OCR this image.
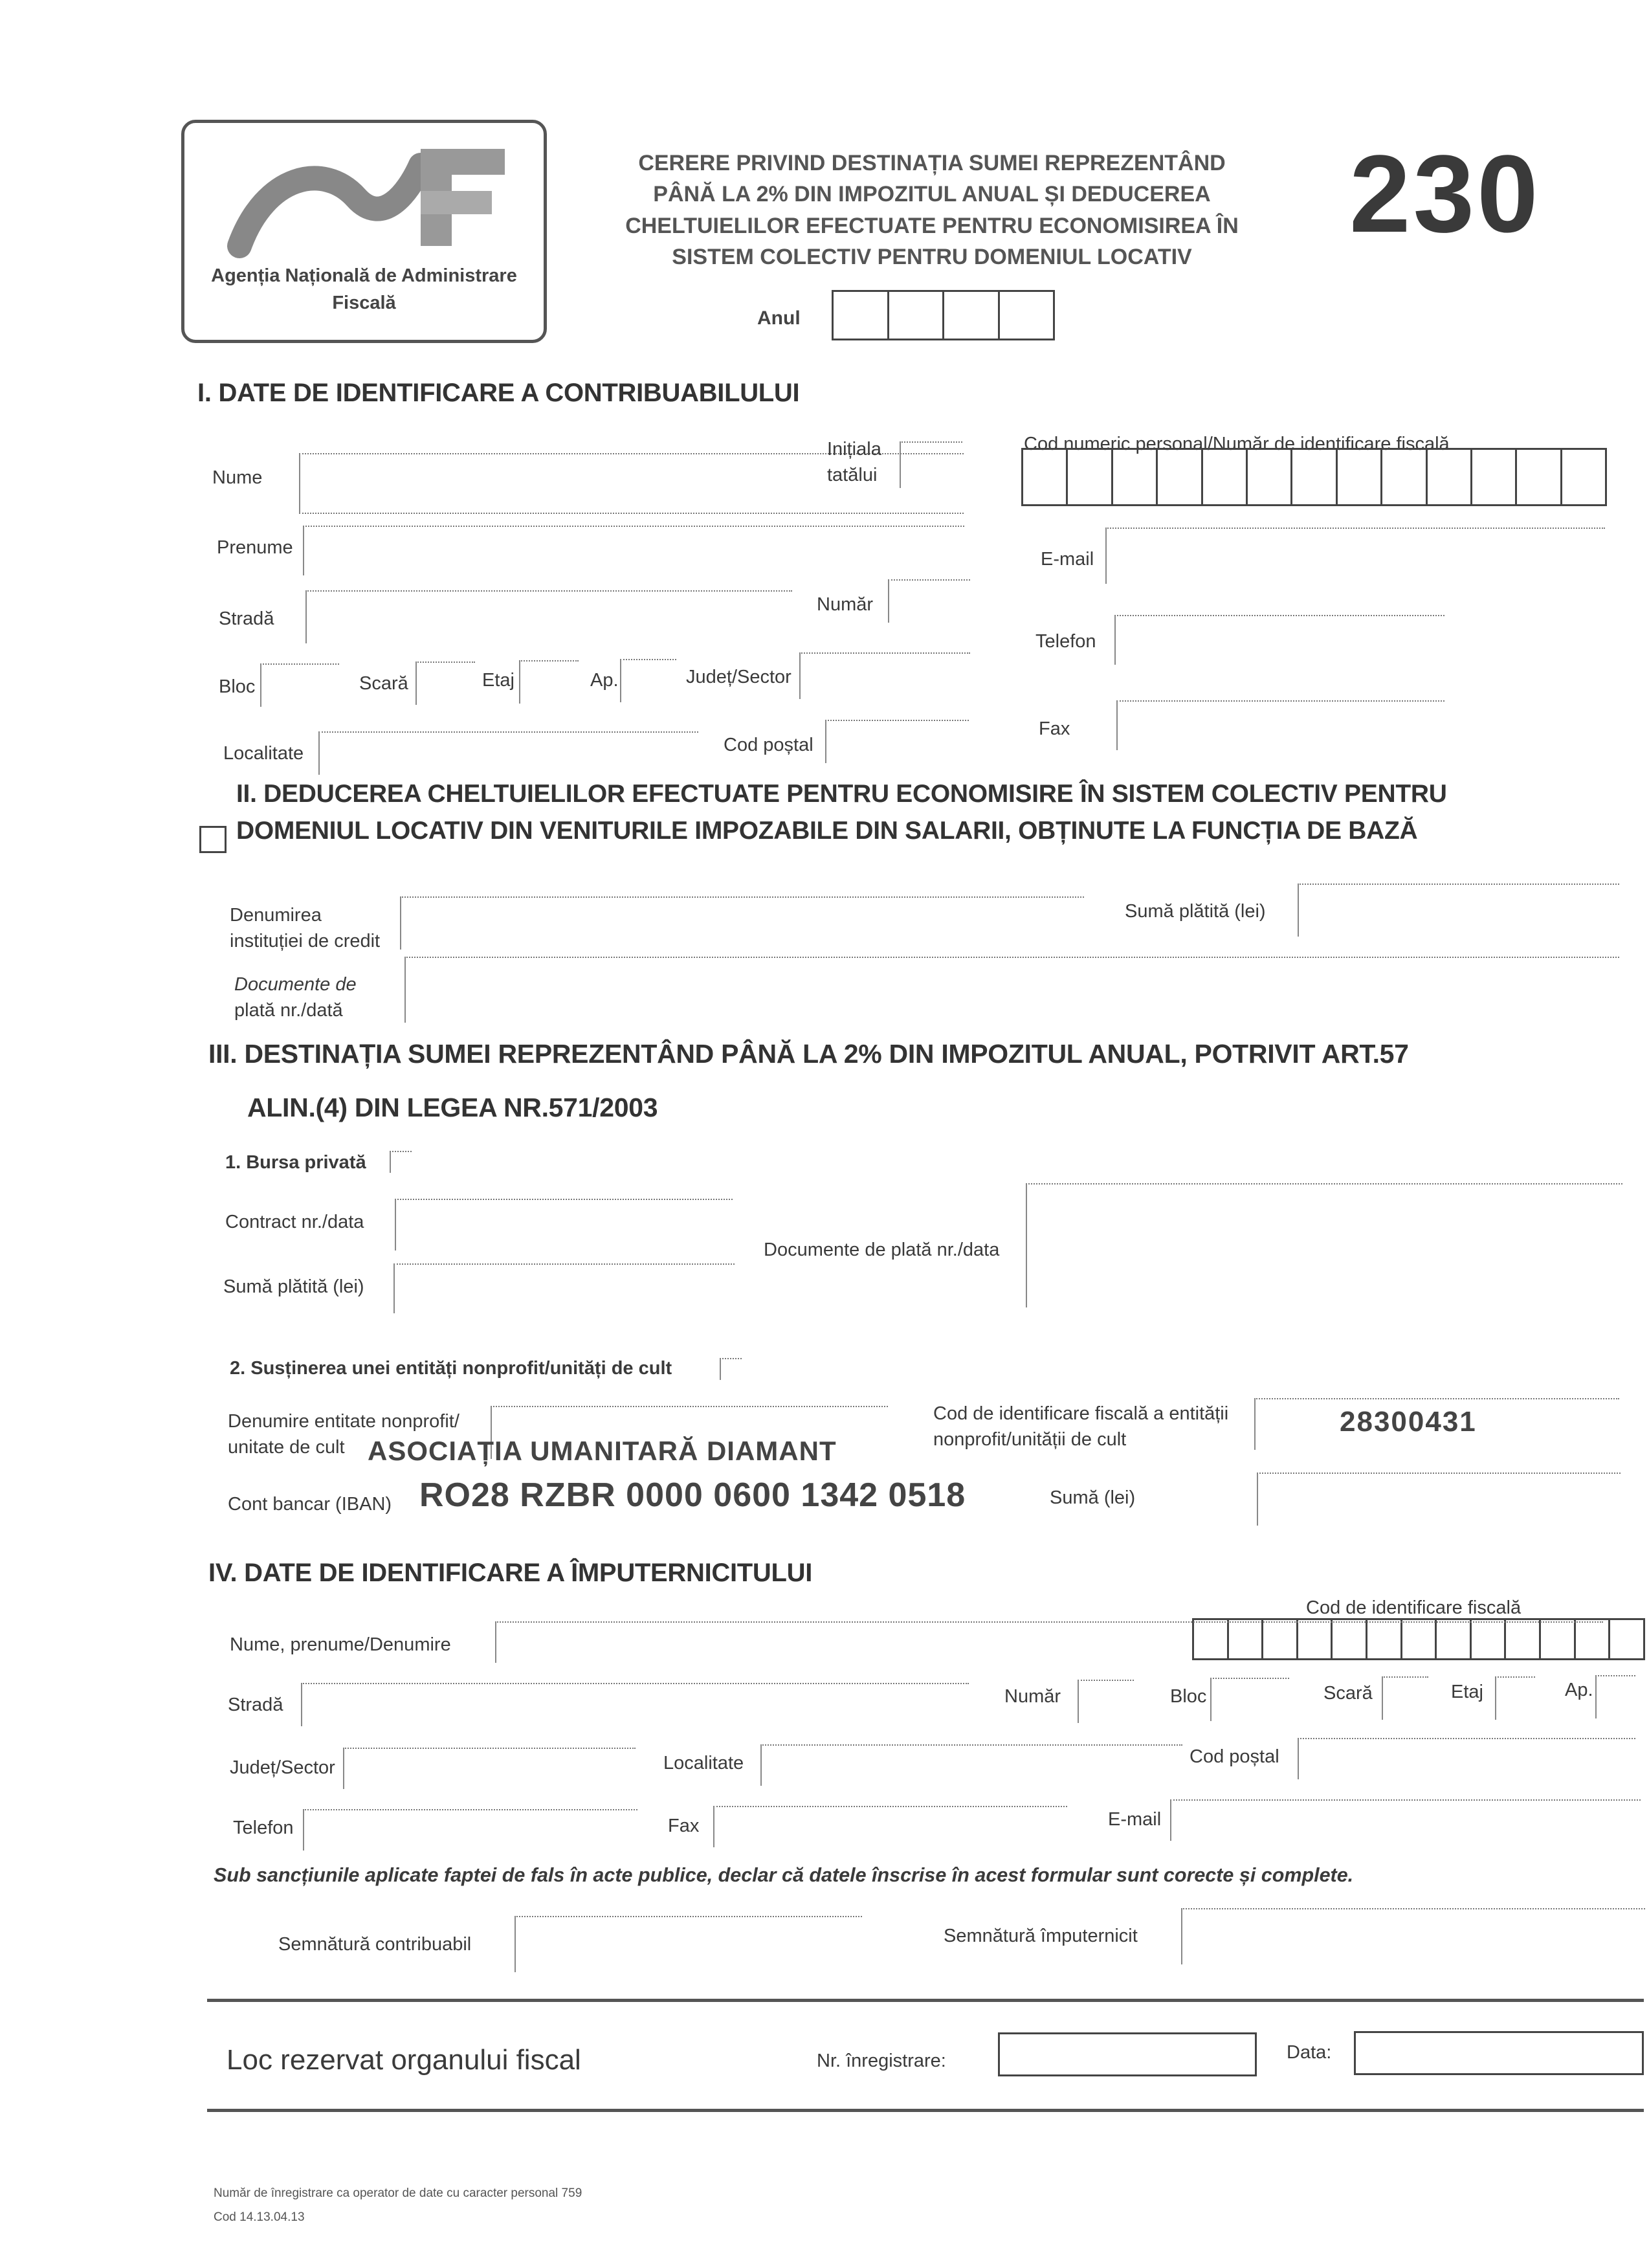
Agenția Națională de Administrare Fiscală
CERERE PRIVIND DESTINAȚIA SUMEI REPREZENTÂND
PÂNĂ LA 2% DIN IMPOZITUL ANUAL ȘI DEDUCEREA
CHELTUIELILOR EFECTUATE PENTRU ECONOMISIREA ÎN
SISTEM COLECTIV PENTRU DOMENIUL LOCATIV
230
Anul
I. DATE DE IDENTIFICARE A CONTRIBUABILULUI
Nume
Inițiala
tatălui
Cod numeric personal/Număr de identificare fiscală
Prenume
E-mail
Stradă
Număr
Telefon
Bloc	Scară	Etaj	Ap.	Județ/Sector
Fax
Localitate	Cod poștal
II. DEDUCEREA CHELTUIELILOR EFECTUATE PENTRU ECONOMISIRE ÎN SISTEM COLECTIV PENTRU
DOMENIUL LOCATIV DIN VENITURILE IMPOZABILE DIN SALARII, OBȚINUTE LA FUNCȚIA DE BAZĂ
Denumirea
instituției de credit
Sumă plătită (lei)
Documente de
plată nr./dată
III. DESTINAȚIA SUMEI REPREZENTÂND PÂNĂ LA 2% DIN IMPOZITUL ANUAL, POTRIVIT ART.57
ALIN.(4) DIN LEGEA NR.571/2003
1. Bursa privată
Contract nr./data
Documente de plată nr./data
Sumă plătită (lei)
2. Susținerea unei entități nonprofit/unități de cult
Denumire entitate nonprofit/
unitate de cult ASOCIAȚIA UMANITARĂ DIAMANT
Cod de identificare fiscală a entității
nonprofit/unității de cult
28300431
Cont bancar (IBAN) RO28 RZBR 0000 0600 1342 0518	Sumă (lei)
IV. DATE DE IDENTIFICARE A ÎMPUTERNICITULUI
Cod de identificare fiscală
Nume, prenume/Denumire
Stradă	Număr	Bloc	Scară	Etaj	Ap.
Județ/Sector	Localitate	Cod poștal
Telefon	Fax	E-mail
Sub sancțiunile aplicate faptei de fals în acte publice, declar că datele înscrise în acest formular sunt corecte și complete.
Semnătură contribuabil	Semnătură împuternicit
Loc rezervat organului fiscal	Nr. înregistrare:	Data:
Număr de înregistrare ca operator de date cu caracter personal 759
Cod 14.13.04.13
